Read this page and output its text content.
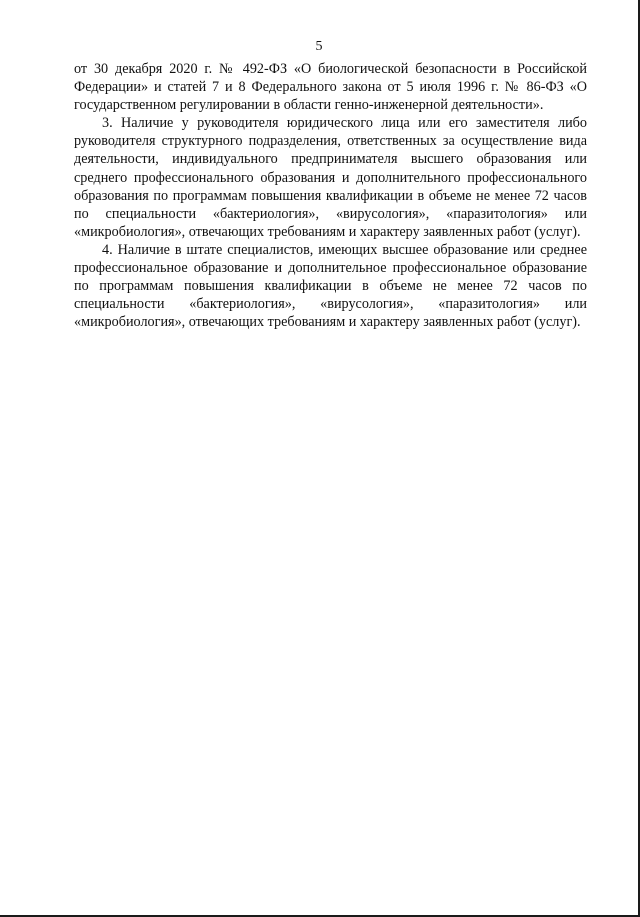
5

от 30 декабря 2020 г. № 492-ФЗ «О биологической безопасности в Российской Федерации» и статей 7 и 8 Федерального закона от 5 июля 1996 г. № 86-ФЗ «О государственном регулировании в области генно-инженерной деятельности».

3. Наличие у руководителя юридического лица или его заместителя либо руководителя структурного подразделения, ответственных за осуществление вида деятельности, индивидуального предпринимателя высшего образования или среднего профессионального образования и дополнительного профессионального образования по программам повышения квалификации в объеме не менее 72 часов по специальности «бактериология», «вирусология», «паразитология» или «микробиология», отвечающих требованиям и характеру заявленных работ (услуг).

4. Наличие в штате специалистов, имеющих высшее образование или среднее профессиональное образование и дополнительное профессиональное образование по программам повышения квалификации в объеме не менее 72 часов по специальности «бактериология», «вирусология», «паразитология» или «микробиология», отвечающих требованиям и характеру заявленных работ (услуг).
